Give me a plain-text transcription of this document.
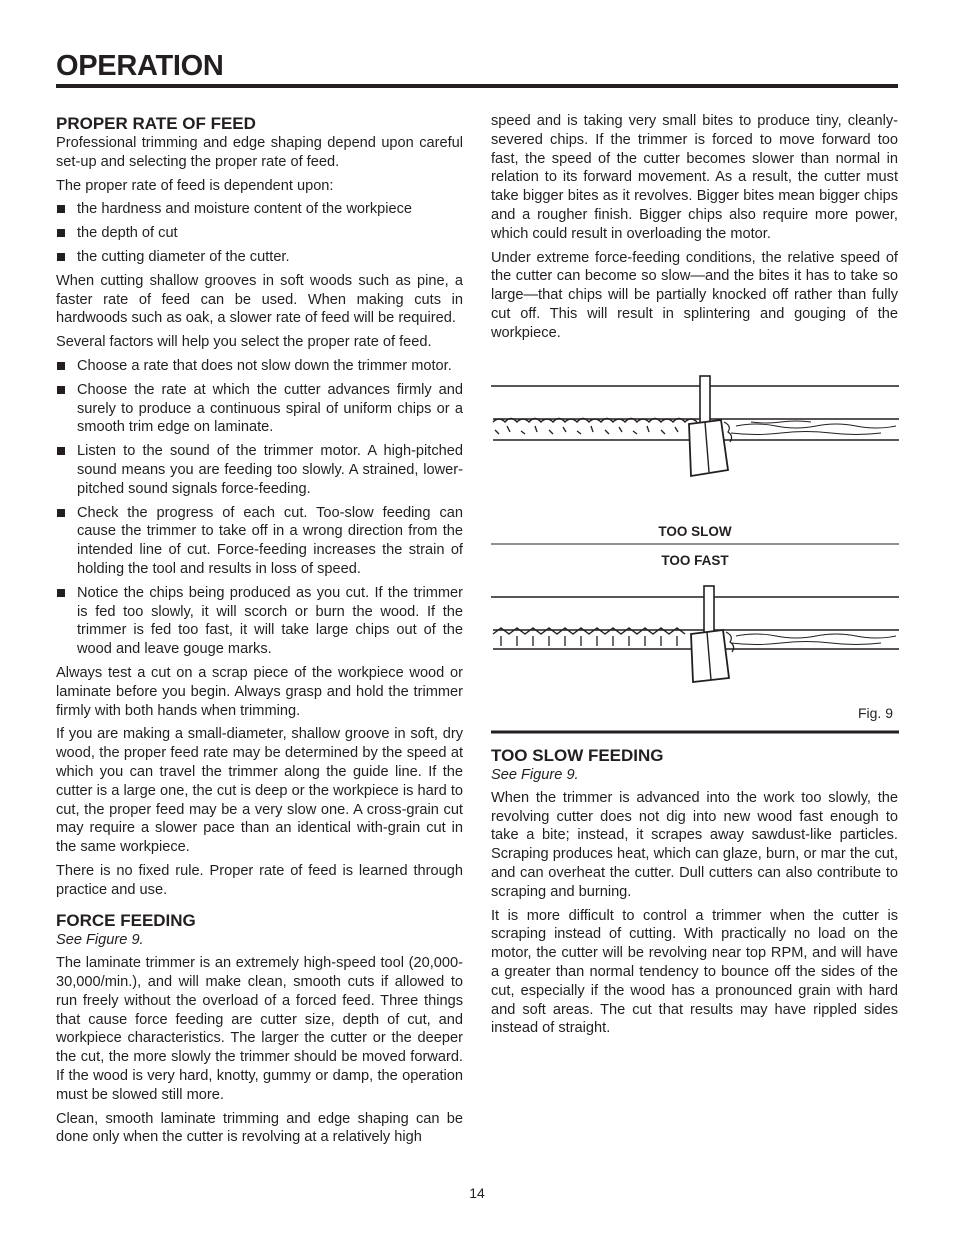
OPERATION
PROPER RATE OF FEED

Professional trimming and edge shaping depend upon careful set-up and selecting the proper rate of feed.

The proper rate of feed is dependent upon:

the hardness and moisture content of the workpiece
the depth of cut
the cutting diameter of the cutter.

When cutting shallow grooves in soft woods such as pine, a faster rate of feed can be used. When making cuts in hardwoods such as oak, a slower rate of feed will be required.

Several factors will help you select the proper rate of feed.

Choose a rate that does not slow down the trimmer motor.
Choose the rate at which the cutter advances firmly and surely to produce a continuous spiral of uniform chips or a smooth trim edge on laminate.
Listen to the sound of the trimmer motor. A high-pitched sound means you are feeding too slowly. A strained, lower-pitched sound signals force-feeding.
Check the progress of each cut. Too-slow feeding can cause the trimmer to take off in a wrong direction from the intended line of cut. Force-feeding increases the strain of holding the tool and results in loss of speed.
Notice the chips being produced as you cut. If the trimmer is fed too slowly, it will scorch or burn the wood. If the trimmer is fed too fast, it will take large chips out of the wood and leave gouge marks.

Always test a cut on a scrap piece of the workpiece wood or laminate before you begin. Always grasp and hold the trimmer firmly with both hands when trimming.

If you are making a small-diameter, shallow groove in soft, dry wood, the proper feed rate may be determined by the speed at which you can travel the trimmer along the guide line. If the cutter is a large one, the cut is deep or the workpiece is hard to cut, the proper feed may be a very slow one. A cross-grain cut may require a slower pace than an identical with-grain cut in the same workpiece.

There is no fixed rule. Proper rate of feed is learned through practice and use.

FORCE FEEDING

See Figure 9.

The laminate trimmer is an extremely high-speed tool (20,000-30,000/min.), and will make clean, smooth cuts if allowed to run freely without the overload of a forced feed. Three things that cause force feeding are cutter size, depth of cut, and workpiece characteristics. The larger the cutter or the deeper the cut, the more slowly the trimmer should be moved forward. If the wood is very hard, knotty, gummy or damp, the operation must be slowed still more.

Clean, smooth laminate trimming and edge shaping can be done only when the cutter is revolving at a relatively high

speed and is taking very small bites to produce tiny, cleanly-severed chips. If the trimmer is forced to move forward too fast, the speed of the cutter becomes slower than normal in relation to its forward movement. As a result, the cutter must take bigger bites as it revolves. Bigger bites mean bigger chips and a rougher finish. Bigger chips also require more power, which could result in overloading the motor.

Under extreme force-feeding conditions, the relative speed of the cutter can become so slow—and the bites it has to take so large—that chips will be partially knocked off rather than fully cut off. This will result in splintering and gouging of the workpiece.

TOO SLOW
TOO FAST
Fig. 9
TOO SLOW FEEDING

See Figure 9.

When the trimmer is advanced into the work too slowly, the revolving cutter does not dig into new wood fast enough to take a bite; instead, it scrapes away sawdust-like particles. Scraping produces heat, which can glaze, burn, or mar the cut, and can overheat the cutter. Dull cutters can also contribute to scraping and burning.

It is more difficult to control a trimmer when the cutter is scraping instead of cutting. With practically no load on the motor, the cutter will be revolving near top RPM, and will have a greater than normal tendency to bounce off the sides of the cut, especially if the wood has a pronounced grain with hard and soft areas. The cut that results may have rippled sides instead of straight.

14
